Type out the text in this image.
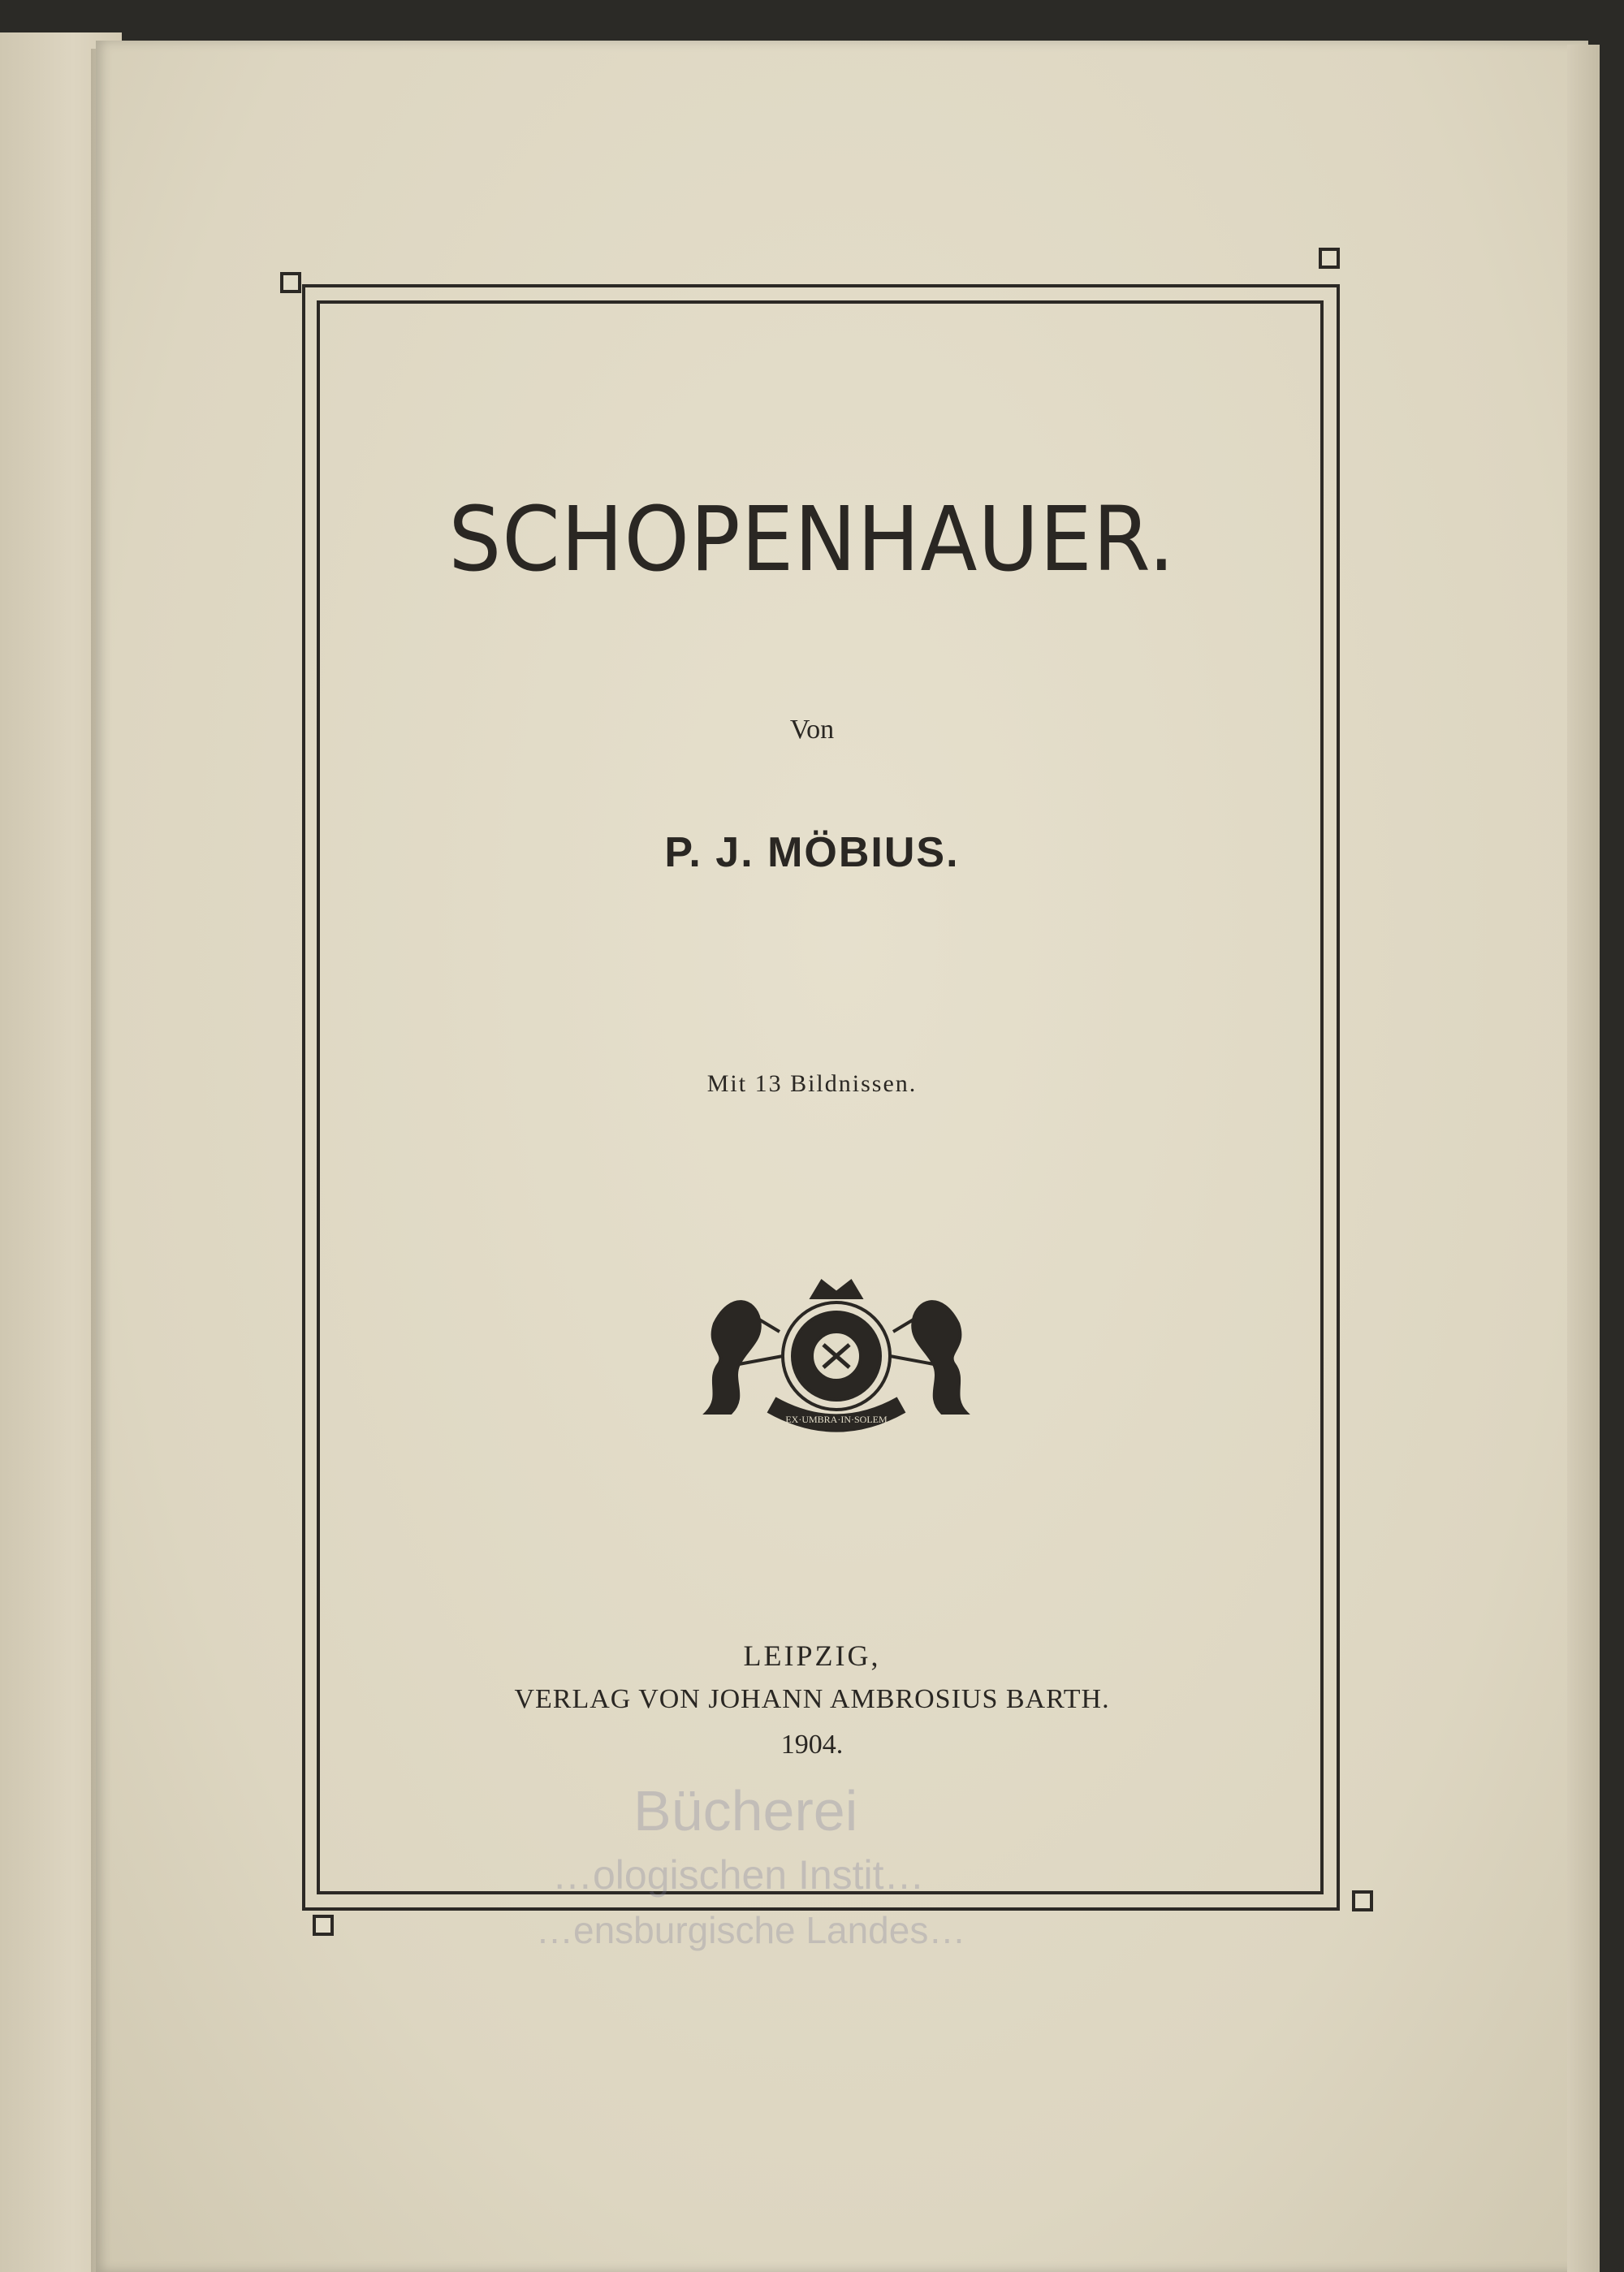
SCHOPENHAUER.
Von
P. J. MÖBIUS.
Mit 13 Bildnissen.
EX·UMBRA·IN·SOLEM
LEIPZIG,
VERLAG VON JOHANN AMBROSIUS BARTH.
1904.
Bücherei
…ologischen Instit…
…ensburgische Landes…
